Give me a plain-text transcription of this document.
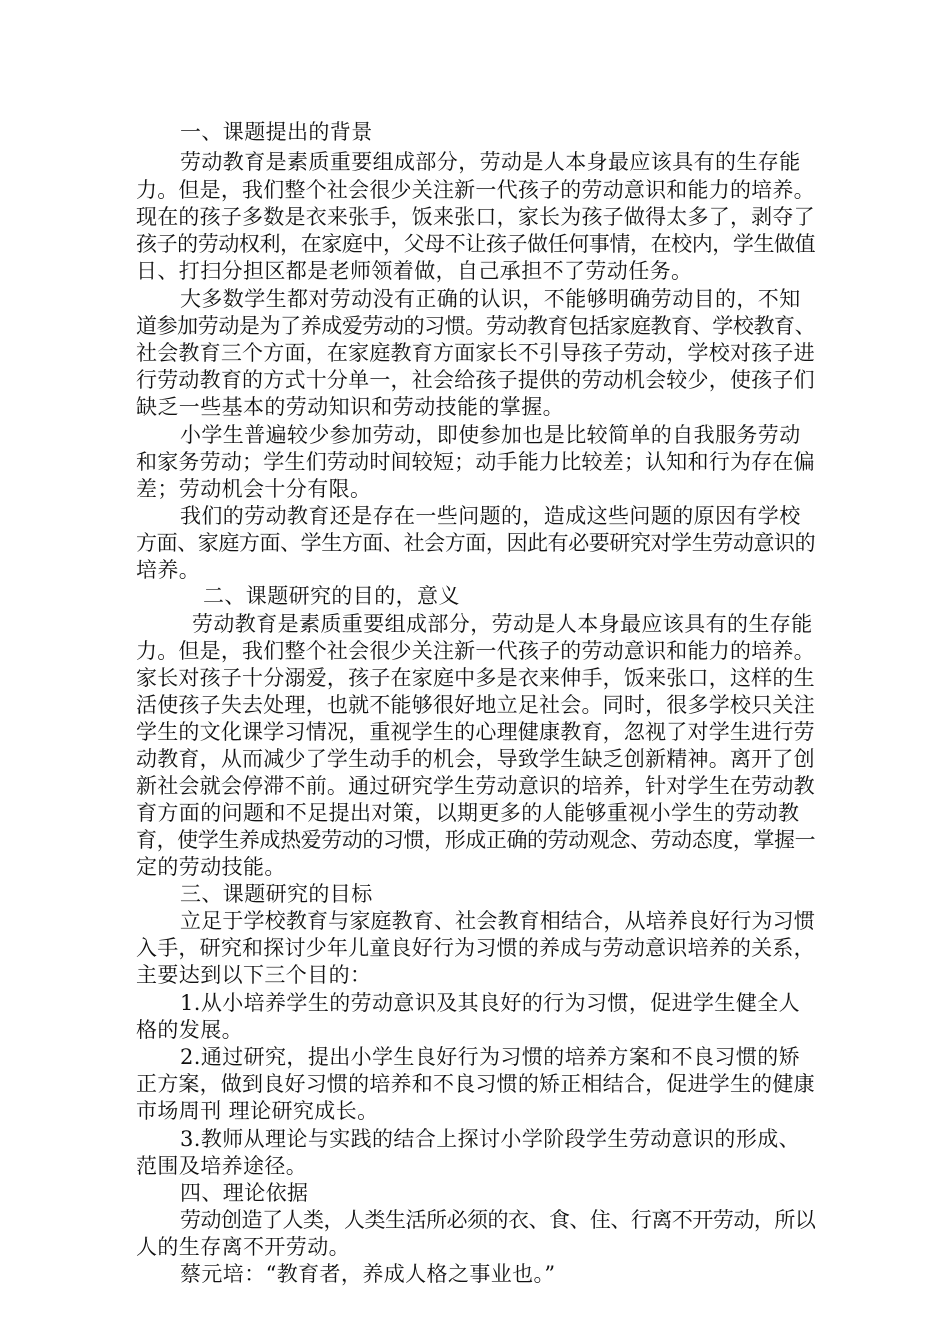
一、课题提出的背景
劳动教育是素质重要组成部分，劳动是人本身最应该具有的生存能
力。但是，我们整个社会很少关注新一代孩子的劳动意识和能力的培养。
现在的孩子多数是衣来张手，饭来张口，家长为孩子做得太多了，剥夺了
孩子的劳动权利，在家庭中，父母不让孩子做任何事情，在校内，学生做值
日、打扫分担区都是老师领着做，自己承担不了劳动任务。
大多数学生都对劳动没有正确的认识，不能够明确劳动目的，不知
道参加劳动是为了养成爱劳动的习惯。劳动教育包括家庭教育、学校教育、
社会教育三个方面，在家庭教育方面家长不引导孩子劳动，学校对孩子进
行劳动教育的方式十分单一，社会给孩子提供的劳动机会较少，使孩子们
缺乏一些基本的劳动知识和劳动技能的掌握。
小学生普遍较少参加劳动，即使参加也是比较简单的自我服务劳动
和家务劳动；学生们劳动时间较短；动手能力比较差；认知和行为存在偏
差；劳动机会十分有限。
我们的劳动教育还是存在一些问题的，造成这些问题的原因有学校
方面、家庭方面、学生方面、社会方面，因此有必要研究对学生劳动意识的
培养。
二、课题研究的目的，意义
劳动教育是素质重要组成部分，劳动是人本身最应该具有的生存能
力。但是，我们整个社会很少关注新一代孩子的劳动意识和能力的培养。
家长对孩子十分溺爱，孩子在家庭中多是衣来伸手，饭来张口，这样的生
活使孩子失去处理，也就不能够很好地立足社会。同时，很多学校只关注
学生的文化课学习情况，重视学生的心理健康教育，忽视了对学生进行劳
动教育，从而减少了学生动手的机会，导致学生缺乏创新精神。离开了创
新社会就会停滞不前。通过研究学生劳动意识的培养，针对学生在劳动教
育方面的问题和不足提出对策，以期更多的人能够重视小学生的劳动教
育，使学生养成热爱劳动的习惯，形成正确的劳动观念、劳动态度，掌握一
定的劳动技能。
三、课题研究的目标
立足于学校教育与家庭教育、社会教育相结合，从培养良好行为习惯
入手，研究和探讨少年儿童良好行为习惯的养成与劳动意识培养的关系，
主要达到以下三个目的：
1.从小培养学生的劳动意识及其良好的行为习惯，促进学生健全人
格的发展。
2.通过研究，提出小学生良好行为习惯的培养方案和不良习惯的矫
正方案，做到良好习惯的培养和不良习惯的矫正相结合，促进学生的健康
市场周刊 理论研究成长。
3.教师从理论与实践的结合上探讨小学阶段学生劳动意识的形成、
范围及培养途径。
四、理论依据
劳动创造了人类，人类生活所必须的衣、食、住、行离不开劳动，所以
人的生存离不开劳动。
蔡元培：“教育者，养成人格之事业也。”
